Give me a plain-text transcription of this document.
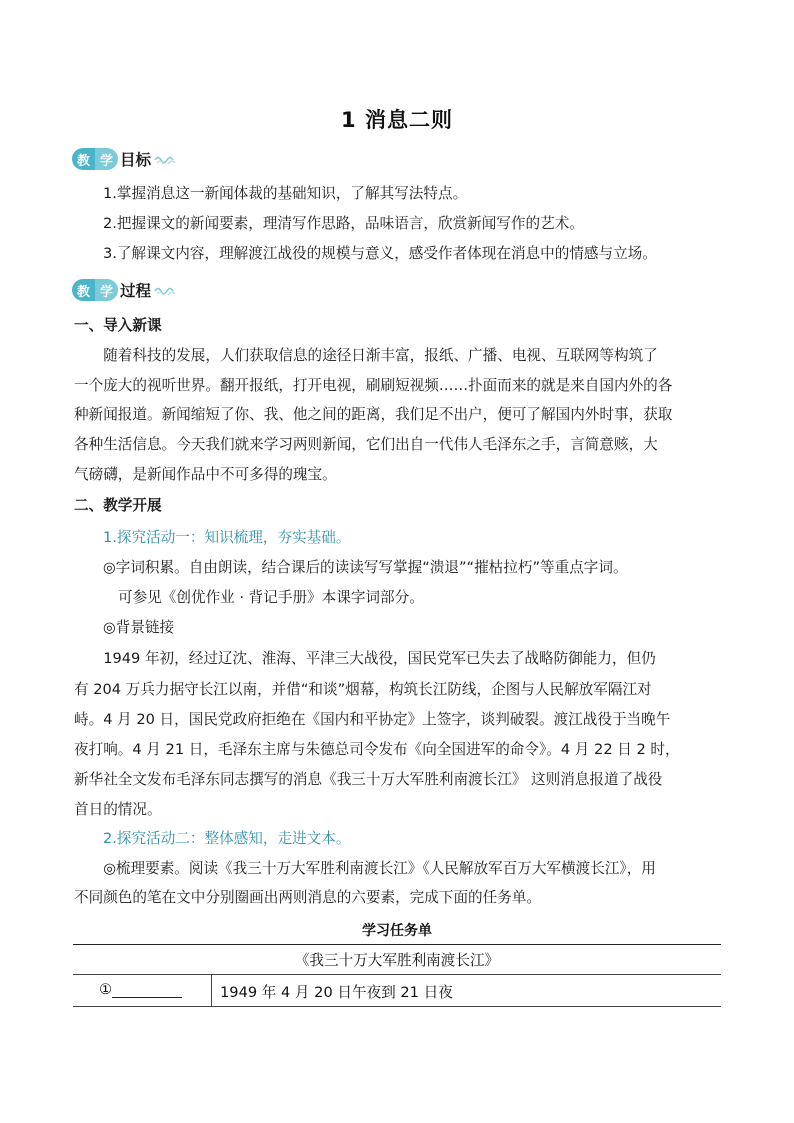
1 消息二则
教 学 目标
1.掌握消息这一新闻体裁的基础知识，了解其写法特点。
2.把握课文的新闻要素，理清写作思路，品味语言，欣赏新闻写作的艺术。
3.了解课文内容，理解渡江战役的规模与意义，感受作者体现在消息中的情感与立场。
教 学 过程
一、导入新课
　　随着科技的发展，人们获取信息的途径日渐丰富，报纸、广播、电视、互联网等构筑了
一个庞大的视听世界。翻开报纸，打开电视，刷刷短视频……扑面而来的就是来自国内外的各
种新闻报道。新闻缩短了你、我、他之间的距离，我们足不出户，便可了解国内外时事，获取
各种生活信息。今天我们就来学习两则新闻，它们出自一代伟人毛泽东之手，言简意赅，大
气磅礴，是新闻作品中不可多得的瑰宝。
二、教学开展
1.探究活动一：知识梳理，夯实基础。
◎字词积累。自由朗读，结合课后的读读写写掌握“溃退”“摧枯拉朽”等重点字词。
可参见《创优作业 · 背记手册》本课字词部分。
◎背景链接
　　1949 年初，经过辽沈、淮海、平津三大战役，国民党军已失去了战略防御能力，但仍
有 204 万兵力据守长江以南，并借“和谈”烟幕，构筑长江防线，企图与人民解放军隔江对
峙。4 月 20 日，国民党政府拒绝在《国内和平协定》上签字，谈判破裂。渡江战役于当晚午
夜打响。4 月 21 日，毛泽东主席与朱德总司令发布《向全国进军的命令》。4 月 22 日 2 时，
新华社全文发布毛泽东同志撰写的消息《我三十万大军胜利南渡长江》 这则消息报道了战役
首日的情况。
2.探究活动二：整体感知，走进文本。
　　◎梳理要素。阅读《我三十万大军胜利南渡长江》《人民解放军百万大军横渡长江》，用
不同颜色的笔在文中分别圈画出两则消息的六要素，完成下面的任务单。
学习任务单
《我三十万大军胜利南渡长江》
①	1949 年 4 月 20 日午夜到 21 日夜
